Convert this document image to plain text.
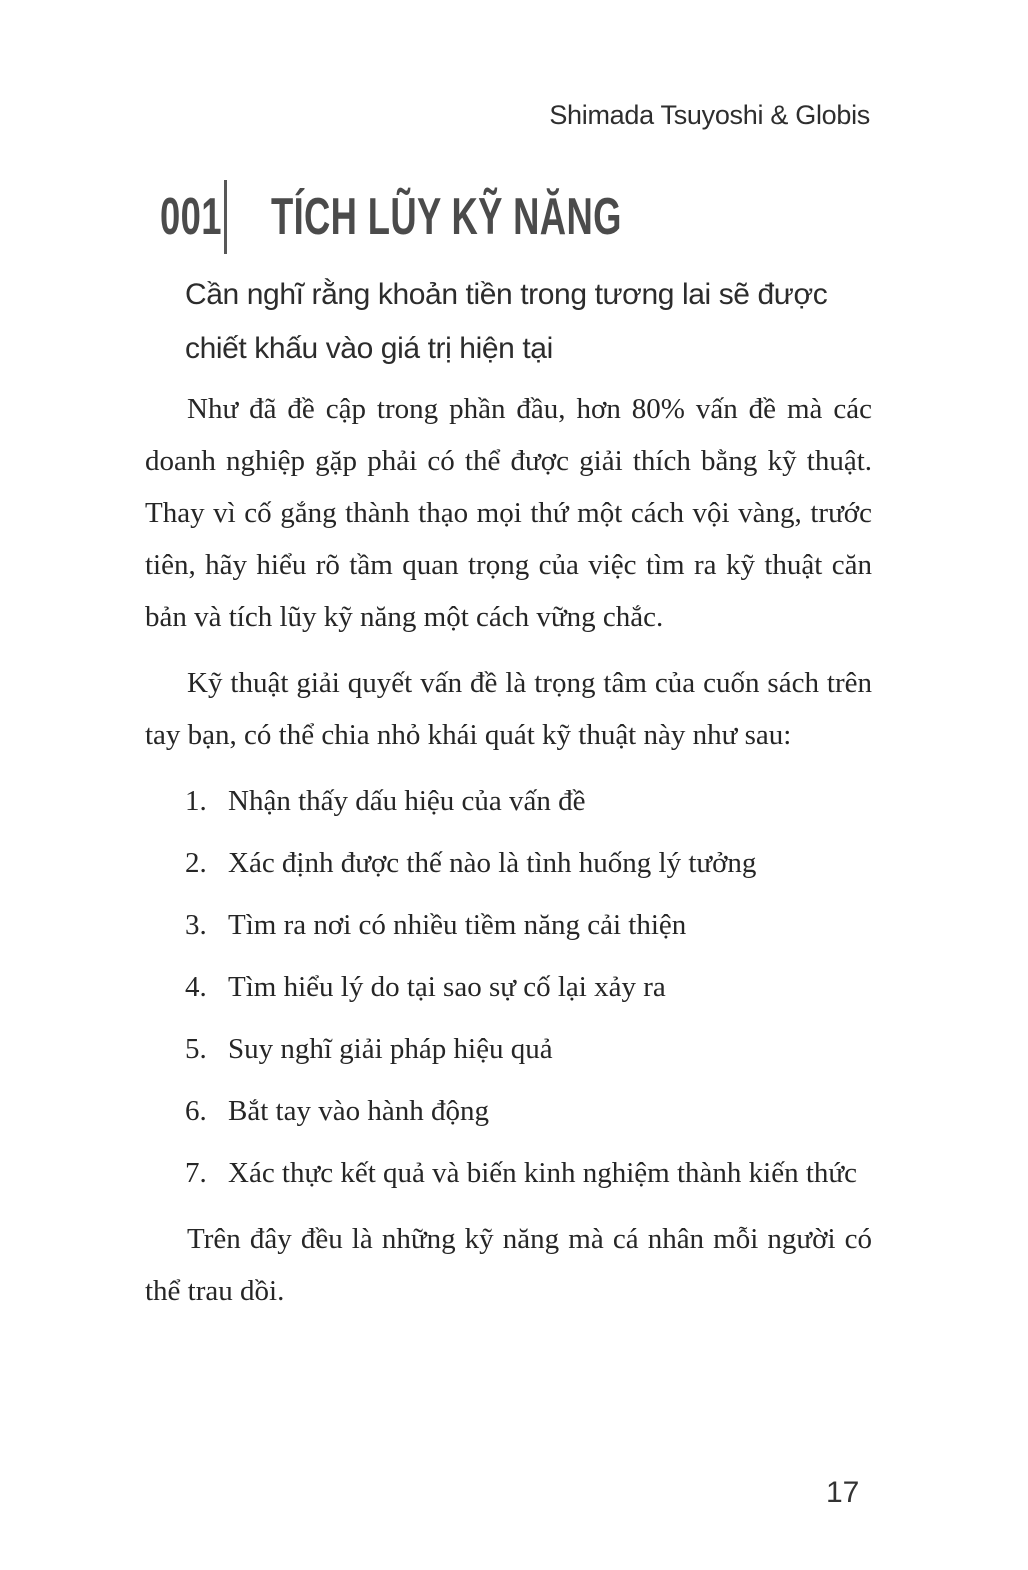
Shimada Tsuyoshi & Globis
001 TÍCH LŨY KỸ NĂNG
Cần nghĩ rằng khoản tiền trong tương lai sẽ được chiết khấu vào giá trị hiện tại

Như đã đề cập trong phần đầu, hơn 80% vấn đề mà các doanh nghiệp gặp phải có thể được giải thích bằng kỹ thuật. Thay vì cố gắng thành thạo mọi thứ một cách vội vàng, trước tiên, hãy hiểu rõ tầm quan trọng của việc tìm ra kỹ thuật căn bản và tích lũy kỹ năng một cách vững chắc.

Kỹ thuật giải quyết vấn đề là trọng tâm của cuốn sách trên tay bạn, có thể chia nhỏ khái quát kỹ thuật này như sau:

1. Nhận thấy dấu hiệu của vấn đề
2. Xác định được thế nào là tình huống lý tưởng
3. Tìm ra nơi có nhiều tiềm năng cải thiện
4. Tìm hiểu lý do tại sao sự cố lại xảy ra
5. Suy nghĩ giải pháp hiệu quả
6. Bắt tay vào hành động
7. Xác thực kết quả và biến kinh nghiệm thành kiến thức

Trên đây đều là những kỹ năng mà cá nhân mỗi người có thể trau dồi.

17
